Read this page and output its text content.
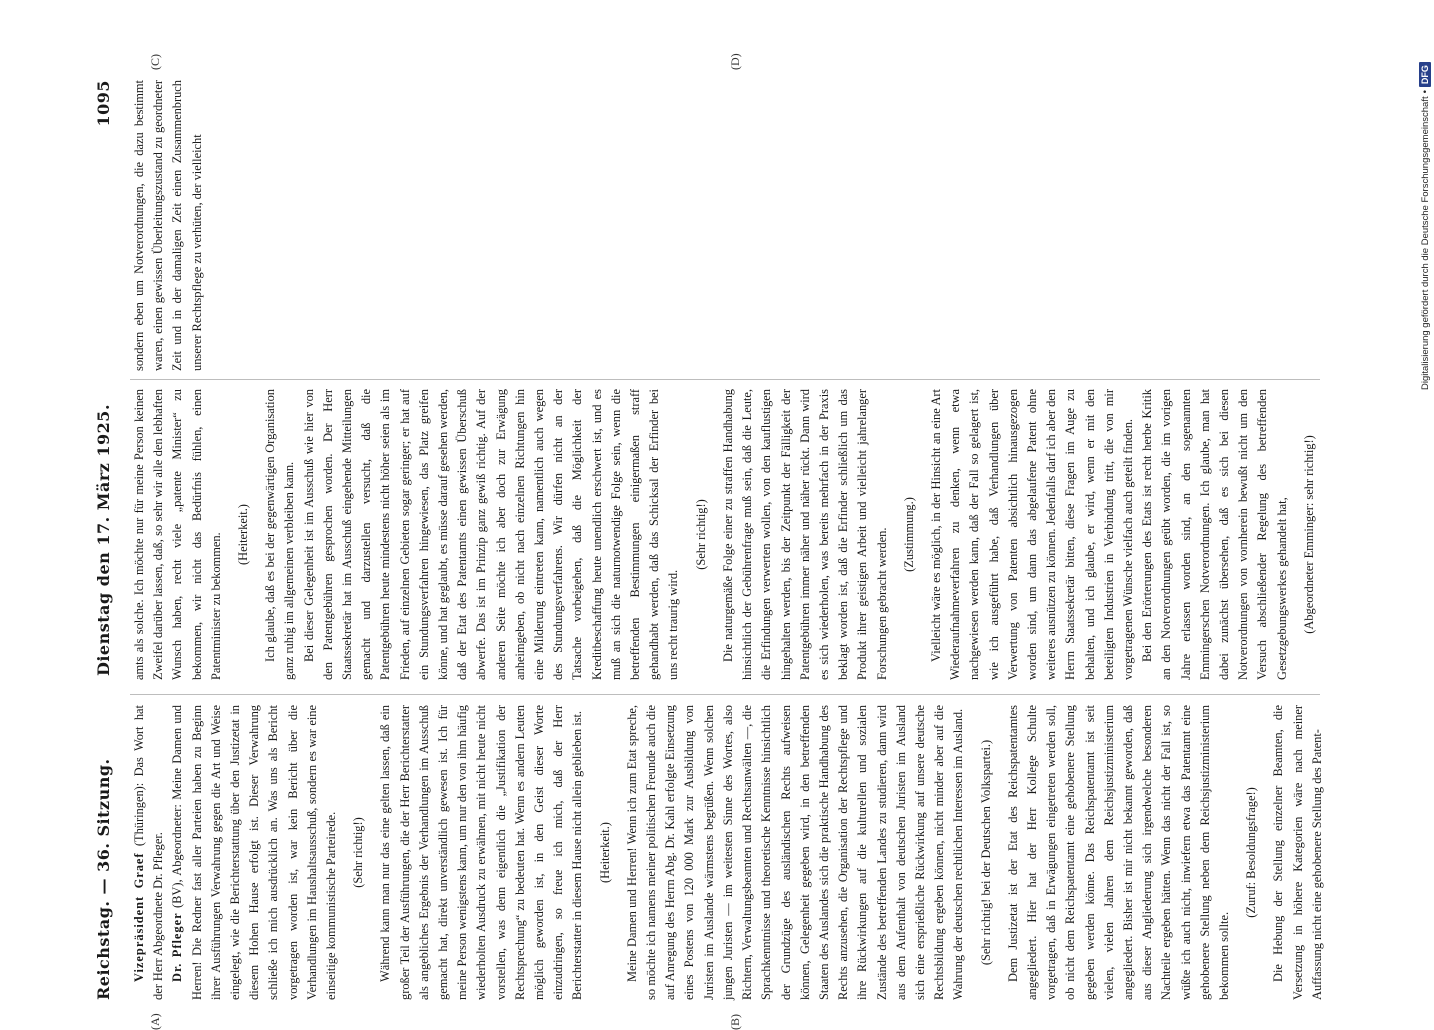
Reichstag. — 36. Sitzung.
Dienstag den 17. März 1925.
1095

Vizepräsident Graef (Thüringen): Das Wort hat der Herr Abgeordnete Dr. Pfleger. Dr. Pfleger (BV), Abgeordneter: Meine Damen und Herren! Die Redner fast aller Parteien haben zu Beginn ihrer Ausführungen Verwahrung gegen die Art und Weise eingelegt, wie die Berichterstattung über den Justizetat in diesem Hohen Hause erfolgt ist. Dieser Verwahrung schließe ich mich ausdrücklich an. Was uns als Bericht vorgetragen worden ist, war kein Bericht über die Verhandlungen im Haushaltsausschuß, sondern es war eine einseitige kommunistische Parteirede. (Sehr richtig!) Während kann man nur das eine gelten lassen, daß ein großer Teil der Ausführungen, die der Herr Berichterstatter als angebliches Ergebnis der Verhandlungen im Ausschuß gemacht hat, direkt unverständlich gewesen ist. Ich für meine Person wenigstens kann, um nur den von ihm häufig wiederholten Ausdruck zu erwähnen, mit nicht heute nicht vorstellen, was denn eigentlich die „Justifikation der Rechtsprechung“ zu bedeuten hat. Wenn es andern Leuten möglich geworden ist, in den Geist dieser Worte einzudringen, so freue ich mich, daß der Herr Berichterstatter in diesem Hause nicht allein geblieben ist. (Heiterkeit.) Meine Damen und Herren! Wenn ich zum Etat spreche, so möchte ich namens meiner politischen Freunde auch die auf Anregung des Herrn Abg. Dr. Kahl erfolgte Einsetzung eines Postens von 120 000 Mark zur Ausbildung von Juristen im Auslande wärmstens begrüßen. Wenn solchen jungen Juristen — im weitesten Sinne des Wortes, also Richtern, Verwaltungsbeamten und Rechtsanwälten —, die Sprachkenntnisse und theoretische Kenntnisse hinsichtlich der Grundzüge des ausländischen Rechts aufweisen können, Gelegenheit gegeben wird, in den betreffenden Staaten des Auslandes sich die praktische Handhabung des Rechts anzusehen, die Organisation der Rechtspflege und ihre Rückwirkungen auf die kulturellen und sozialen Zustände des betreffenden Landes zu studieren, dann wird aus dem Aufenthalt von deutschen Juristen im Ausland sich eine ersprießliche Rückwirkung auf unsere deutsche Rechtsbildung ergeben können, nicht minder aber auf die Wahrung der deutschen rechtlichen Interessen im Ausland. (Sehr richtig! bei der Deutschen Volkspartei.) Dem Justizetat ist der Etat des Reichspatentamtes angegliedert. Hier hat der Herr Kollege Schulte vorgetragen, daß in Erwägungen eingetreten werden soll, ob nicht dem Reichspatentamt eine gehobenere Stellung gegeben werden könne. Das Reichspatentamt ist seit vielen, vielen Jahren dem Reichsjustizministerium angegliedert. Bisher ist mir nicht bekannt geworden, daß aus dieser Angliederung sich irgendwelche besonderen Nachteile ergeben hätten. Wenn das nicht der Fall ist, so wüßte ich auch nicht, inwiefern etwa das Patentamt eine gehobenere Stellung neben dem Reichsjustizministerium bekommen sollte.

(Zuruf: Besoldungsfrage!) Die Hebung der Stellung einzelner Beamten, die Versetzung in höhere Kategorien wäre nach meiner Auffassung nicht eine gehobenere Stellung des Patent-

amts als solche. Ich möchte nur für meine Person keinen Zweifel darüber lassen, daß, so sehr wir alle den lebhaften Wunsch haben, recht viele „patente Minister“ zu bekommen, wir nicht das Bedürfnis fühlen, einen Patentminister zu bekommen. (Heiterkeit.) Ich glaube, daß es bei der gegenwärtigen Organisation ganz ruhig im allgemeinen verbleiben kann. Bei dieser Gelegenheit ist im Ausschuß wie hier von den Patentgebühren gesprochen worden. Der Herr Staatssekretär hat im Ausschuß eingehende Mitteilungen gemacht und darzustellen versucht, daß die Patentgebühren heute mindestens nicht höher seien als im Frieden, auf einzelnen Gebieten sogar geringer; er hat auf ein Stundungsverfahren hingewiesen, das Platz greifen könne, und hat geglaubt, es müsse darauf gesehen werden, daß der Etat des Patentamts einen gewissen Überschuß abwerfe. Das ist im Prinzip ganz gewiß richtig. Auf der anderen Seite möchte ich aber doch zur Erwägung anheimgeben, ob nicht nach einzelnen Richtungen hin eine Milderung eintreten kann, namentlich auch wegen des Stundungsverfahrens. Wir dürfen nicht an der Tatsache vorbeigehen, daß die Möglichkeit der Kreditbeschaffung heute unendlich erschwert ist, und es muß an sich die naturnotwendige Folge sein, wenn die betreffenden Bestimmungen einigermaßen straff gehandhabt werden, daß das Schicksal der Erfinder bei uns recht traurig wird.

(Sehr richtig!) Die naturgemäße Folge einer zu straffen Handhabung hinsichtlich der Gebührenfrage muß sein, daß die Leute, die Erfindungen verwerten wollen, von den kauflustigen hingehalten werden, bis der Zeitpunkt der Fälligkeit der Patentgebühren immer näher und näher rückt. Dann wird es sich wiederholen, was bereits mehrfach in der Praxis beklagt worden ist, daß die Erfinder schließlich um das Produkt ihrer geistigen Arbeit und vielleicht jahrelanger Forschungen gebracht werden. (Zustimmung.) Vielleicht wäre es möglich, in der Hinsicht an eine Art Wiederaufnahmeverfahren zu denken, wenn etwa nachgewiesen werden kann, daß der Fall so gelagert ist, wie ich ausgeführt habe, daß Verhandlungen über Verwertung von Patenten absichtlich hinausgezogen worden sind, um dann das abgelaufene Patent ohne weiteres ausnützen zu können. Jedenfalls darf ich aber den Herrn Staatssekretär bitten, diese Fragen im Auge zu behalten, und ich glaube, er wird, wenn er mit den beteiligten Industrien in Verbindung tritt, die von mir vorgetragenen Wünsche vielfach auch geteilt finden. Bei den Erörterungen des Etats ist recht herbe Kritik an den Notverordnungen geübt worden, die im vorigen Jahre erlassen worden sind, an den sogenannten Emmingerschen Notverordnungen. Ich glaube, man hat dabei zunächst übersehen, daß es sich bei diesen Notverordnungen von vornherein bewußt nicht um den Versuch abschließender Regelung des betreffenden Gesetzgebungswerkes gehandelt hat, (Abgeordneter Emminger: sehr richtig!)

sondern eben um Notverordnungen, die dazu bestimmt waren, einen gewissen Überleitungszustand zu geordneter Zeit und in der damaligen Zeit einen Zusammenbruch unserer Rechtspflege zu verhüten, der vielleicht

(A)	(B)
(C)	(D)
Digitalisierung gefördert durch die Deutsche Forschungsgemeinschaft
•
DFG
